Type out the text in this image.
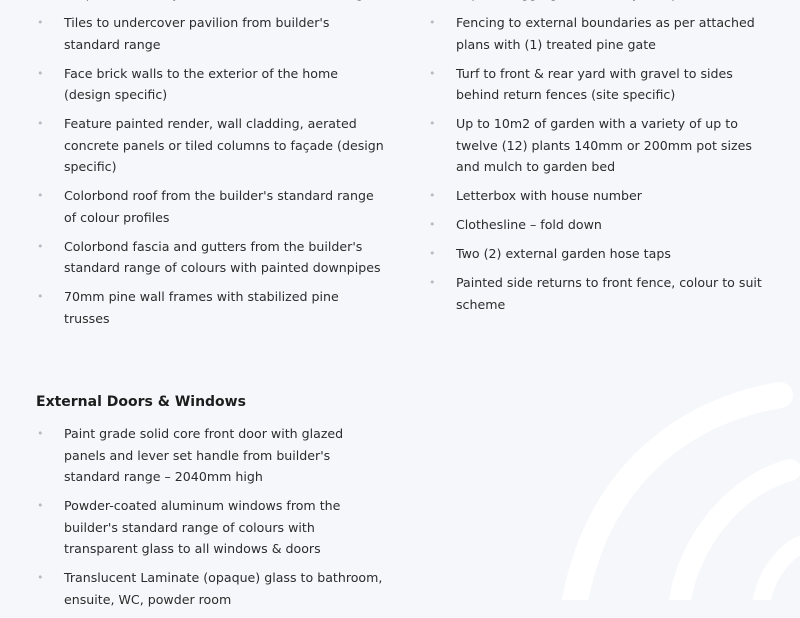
• Tiles to undercover pavilion from builder's standard range
• Face brick walls to the exterior of the home (design specific)
• Feature painted render, wall cladding, aerated concrete panels or tiled columns to façade (design specific)
• Colorbond roof from the builder's standard range of colour profiles
• Colorbond fascia and gutters from the builder's standard range of colours with painted downpipes
• 70mm pine wall frames with stabilized pine trusses
External Doors & Windows
• Paint grade solid core front door with glazed panels and lever set handle from builder's standard range – 2040mm high
• Powder-coated aluminum windows from the builder's standard range of colours with transparent glass to all windows & doors
• Translucent Laminate (opaque) glass to bathroom, ensuite, WC, powder room
• Fencing to external boundaries as per attached plans with (1) treated pine gate
• Turf to front & rear yard with gravel to sides behind return fences (site specific)
• Up to 10m2 of garden with a variety of up to twelve (12) plants 140mm or 200mm pot sizes and mulch to garden bed
• Letterbox with house number
• Clothesline – fold down
• Two (2) external garden hose taps
• Painted side returns to front fence, colour to suit scheme
